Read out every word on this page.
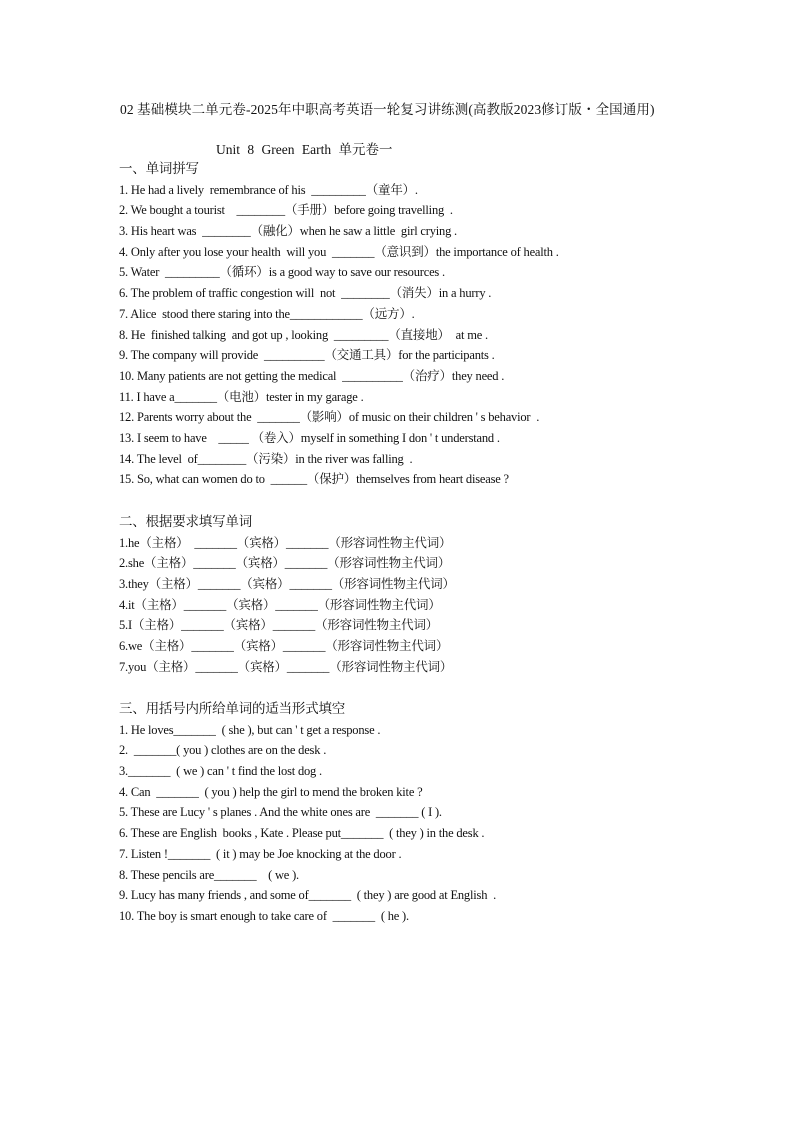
02 基础模块二单元卷-2025年中职高考英语一轮复习讲练测(高教版2023修订版・全国通用)
Unit 8 Green Earth 单元卷一
一、单词拼写
1. He had a lively  remembrance of his  _________（童年）.
2. We bought a tourist    ________（手册）before going travelling  .
3. His heart was  ________（融化）when he saw a little  girl crying .
4. Only after you lose your health  will you  _______（意识到）the importance of health .
5. Water  _________（循环）is a good way to save our resources .
6. The problem of traffic congestion will  not  ________（消失）in a hurry .
7. Alice  stood there staring into the____________（远方）.
8. He  finished talking  and got up , looking  _________（直接地）  at me .
9. The company will provide  __________（交通工具）for the participants .
10. Many patients are not getting the medical  __________（治疗）they need .
11. I have a_______（电池）tester in my garage .
12. Parents worry about the  _______（影响）of music on their children ' s behavior  .
13. I seem to have    _____ （卷入）myself in something I don ' t understand .
14. The level  of________（污染）in the river was falling  .
15. So, what can women do to  ______（保护）themselves from heart disease ?
二、根据要求填写单词
1.he（主格）  _______（宾格）_______（形容词性物主代词）
2.she（主格）_______（宾格）_______（形容词性物主代词）
3.they（主格）_______（宾格）_______（形容词性物主代词）
4.it（主格）_______（宾格）_______（形容词性物主代词）
5.I（主格）_______（宾格）_______（形容词性物主代词）
6.we（主格）_______（宾格）_______（形容词性物主代词）
7.you（主格）_______（宾格）_______（形容词性物主代词）
三、用括号内所给单词的适当形式填空
1. He loves_______  ( she ), but can ' t get a response .
2.  _______( you ) clothes are on the desk .
3._______  ( we ) can ' t find the lost dog .
4. Can  _______  ( you ) help the girl to mend the broken kite ?
5. These are Lucy ' s planes . And the white ones are  _______ ( I ).
6. These are English  books , Kate . Please put_______  ( they ) in the desk .
7. Listen !_______  ( it ) may be Joe knocking at the door .
8. These pencils are_______    ( we ).
9. Lucy has many friends , and some of_______  ( they ) are good at English  .
10. The boy is smart enough to take care of  _______  ( he ).
